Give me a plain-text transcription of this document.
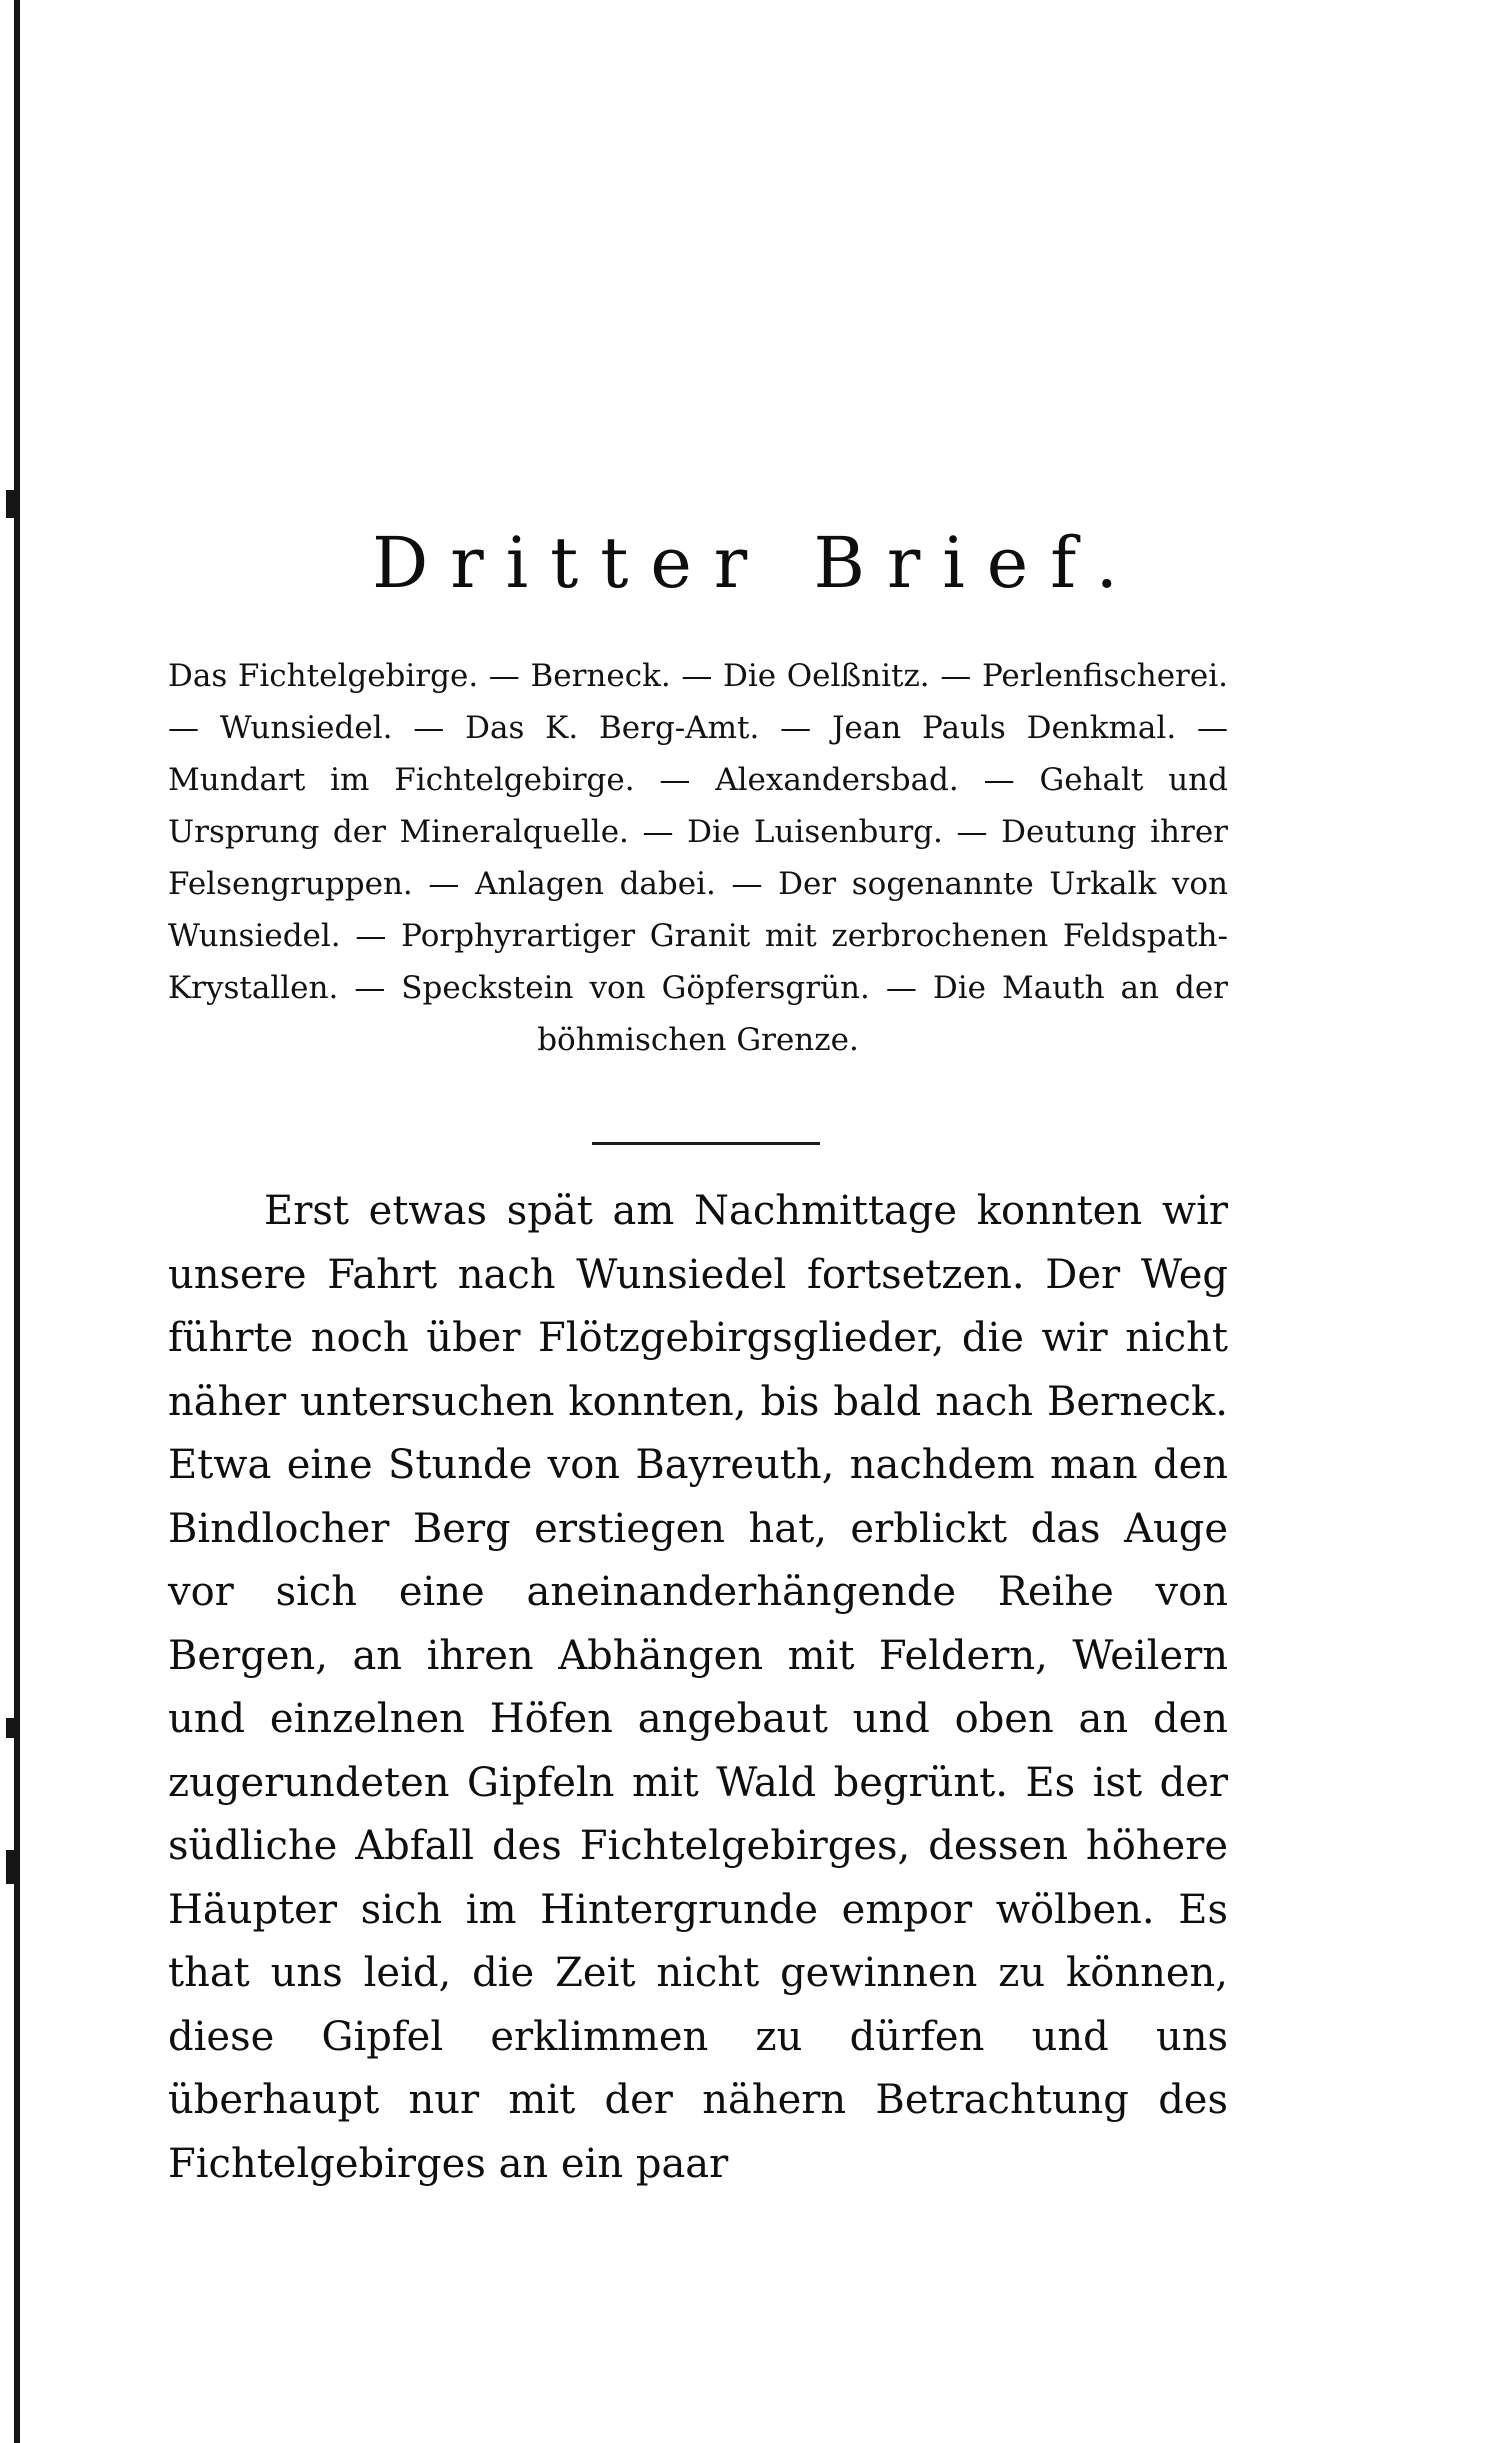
Dritter Brief.
Das Fichtelgebirge. — Berneck. — Die Oelßnitz. — Perlenfischerei. — Wunsiedel. — Das K. Berg-Amt. — Jean Pauls Denkmal. — Mundart im Fichtelgebirge. — Alexandersbad. — Gehalt und Ursprung der Mineralquelle. — Die Luisenburg. — Deutung ihrer Felsengruppen. — Anlagen dabei. — Der sogenannte Urkalk von Wunsiedel. — Porphyrartiger Granit mit zerbrochenen Feldspath-Krystallen. — Speckstein von Göpfersgrün. — Die Mauth an der böhmischen Grenze.
Erst etwas spät am Nachmittage konnten wir unsere Fahrt nach Wunsiedel fortsetzen. Der Weg führte noch über Flötzgebirgsglieder, die wir nicht näher untersuchen konnten, bis bald nach Berneck. Etwa eine Stunde von Bayreuth, nachdem man den Bindlocher Berg erstiegen hat, erblickt das Auge vor sich eine aneinanderhängende Reihe von Bergen, an ihren Abhängen mit Feldern, Weilern und einzelnen Höfen angebaut und oben an den zugerundeten Gipfeln mit Wald begrünt. Es ist der südliche Abfall des Fichtelgebirges, dessen höhere Häupter sich im Hintergrunde empor wölben. Es that uns leid, die Zeit nicht gewinnen zu können, diese Gipfel erklimmen zu dürfen und uns überhaupt nur mit der nähern Betrachtung des Fichtelgebirges an ein paar
